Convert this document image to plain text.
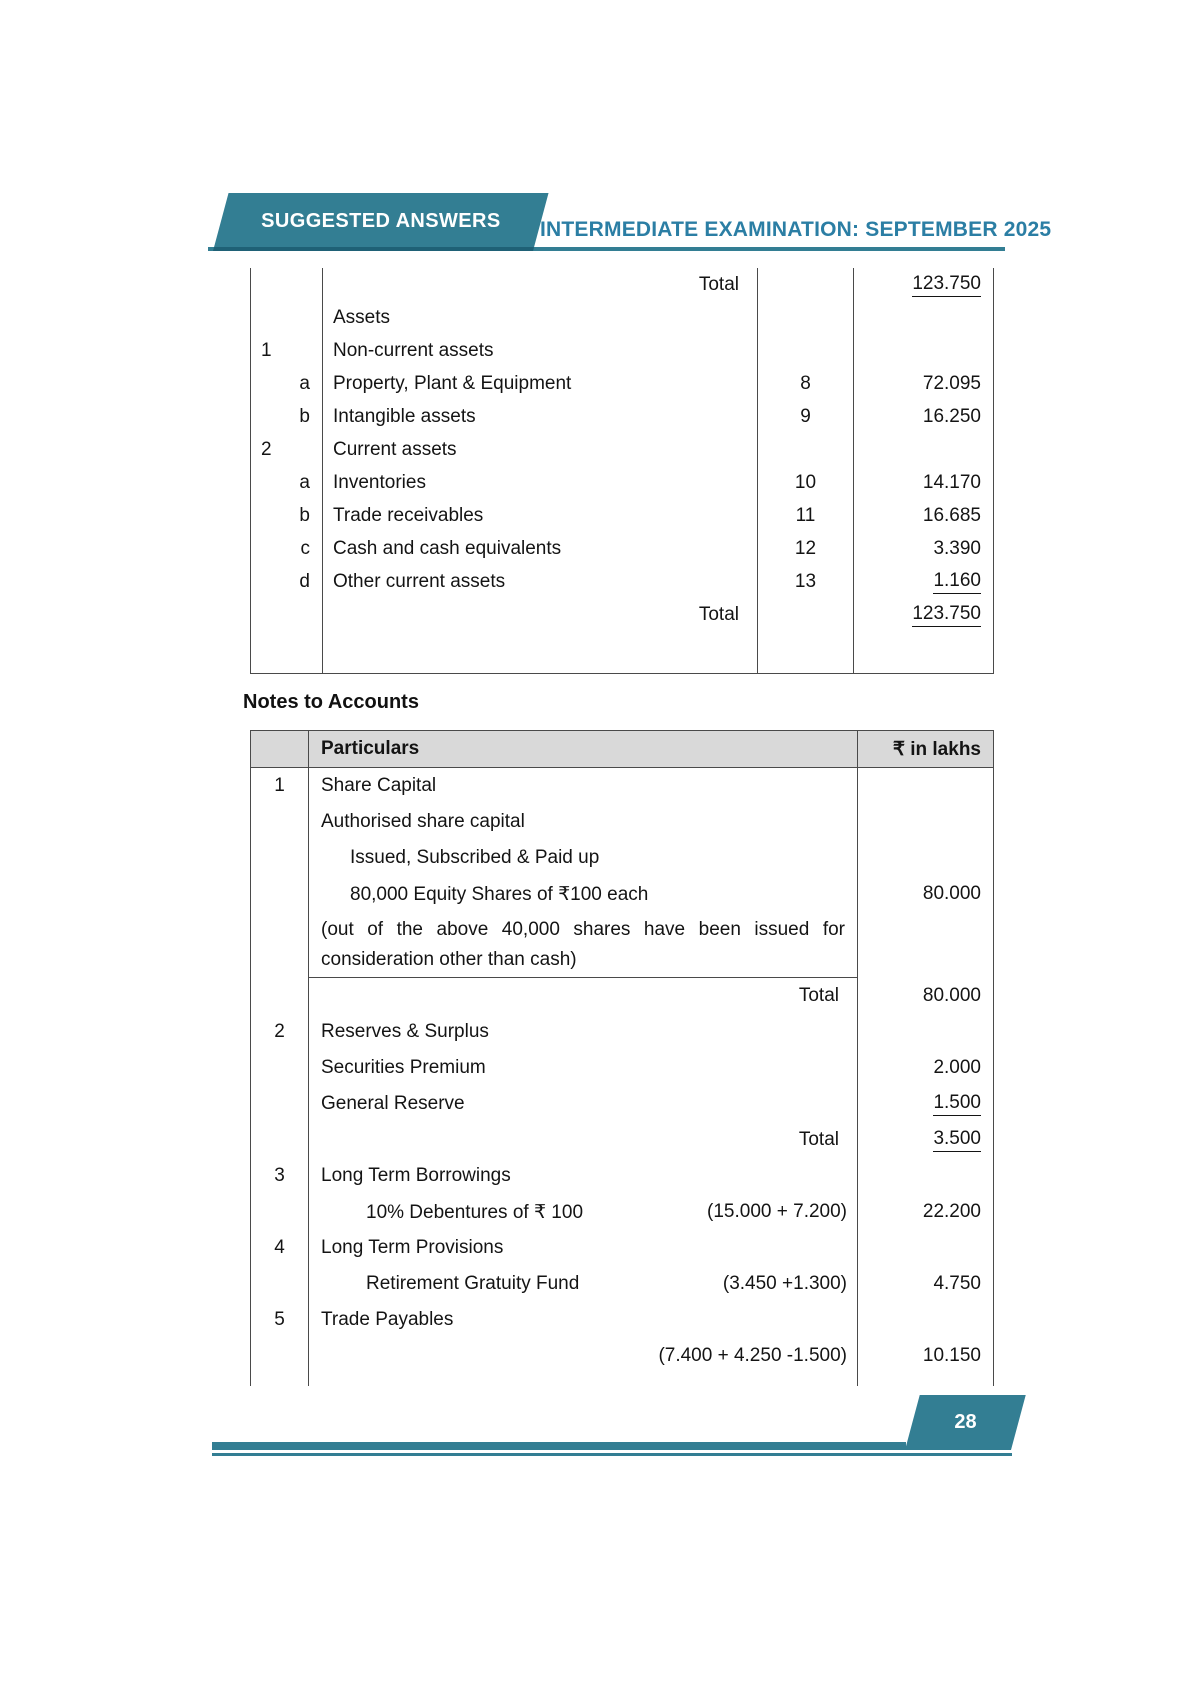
SUGGESTED ANSWERS INTERMEDIATE EXAMINATION: SEPTEMBER 2025
Total	123.750
Assets
1	Non-current assets
a Property, Plant & Equipment	8	72.095
b Intangible assets	9	16.250
2	Current assets
a Inventories	10	14.170
b Trade receivables	11	16.685
c Cash and cash equivalents	12	3.390
d Other current assets	13	1.160
Total	123.750
Notes to Accounts
Particulars	₹ in lakhs
1	Share Capital
Authorised share capital
Issued, Subscribed & Paid up
80,000 Equity Shares of ₹100 each	80.000
(out of the above 40,000 shares have been issued for consideration other than cash)
Total	80.000
2	Reserves & Surplus
Securities Premium	2.000
General Reserve	1.500
Total	3.500
3	Long Term Borrowings
10% Debentures of ₹ 100	(15.000 + 7.200)	22.200
4	Long Term Provisions
Retirement Gratuity Fund	(3.450 +1.300)	4.750
5	Trade Payables
(7.400 + 4.250 -1.500)	10.150
28
